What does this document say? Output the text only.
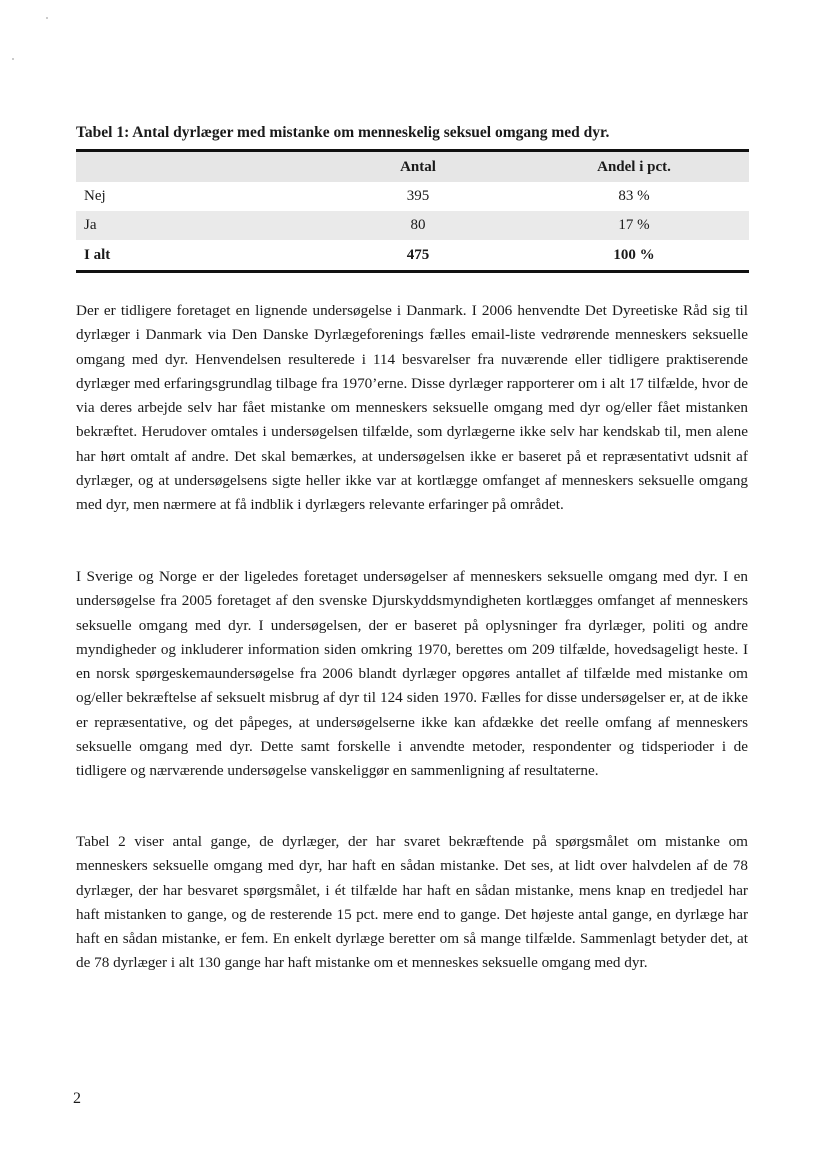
Tabel 1: Antal dyrlæger med mistanke om menneskelig seksuel omgang med dyr.
	Antal	Andel i pct.
Nej	395	83 %
Ja	80	17 %
I alt	475	100 %

Der er tidligere foretaget en lignende undersøgelse i Danmark. I 2006 henvendte Det Dyreetiske Råd sig til dyrlæger i Danmark via Den Danske Dyrlægeforenings fælles email-liste vedrørende menneskers seksuelle omgang med dyr. Henvendelsen resulterede i 114 besvarelser fra nuværende eller tidligere praktiserende dyrlæger med erfaringsgrundlag tilbage fra 1970’erne. Disse dyrlæger rapporterer om i alt 17 tilfælde, hvor de via deres arbejde selv har fået mistanke om menneskers seksuelle omgang med dyr og/eller fået mistanken bekræftet. Herudover omtales i undersøgelsen tilfælde, som dyrlægerne ikke selv har kendskab til, men alene har hørt omtalt af andre. Det skal bemærkes, at undersøgelsen ikke er baseret på et repræsentativt udsnit af dyrlæger, og at undersøgelsens sigte heller ikke var at kortlægge omfanget af menneskers seksuelle omgang med dyr, men nærmere at få indblik i dyrlægers relevante erfaringer på området.

I Sverige og Norge er der ligeledes foretaget undersøgelser af menneskers seksuelle omgang med dyr. I en undersøgelse fra 2005 foretaget af den svenske Djurskyddsmyndigheten kortlægges omfanget af menneskers seksuelle omgang med dyr. I undersøgelsen, der er baseret på oplysninger fra dyrlæger, politi og andre myndigheder og inkluderer information siden omkring 1970, berettes om 209 tilfælde, hovedsageligt heste. I en norsk spørgeskemaundersøgelse fra 2006 blandt dyrlæger opgøres antallet af tilfælde med mistanke om og/eller bekræftelse af seksuelt misbrug af dyr til 124 siden 1970. Fælles for disse undersøgelser er, at de ikke er repræsentative, og det påpeges, at undersøgelserne ikke kan afdække det reelle omfang af menneskers seksuelle omgang med dyr. Dette samt forskelle i anvendte metoder, respondenter og tidsperioder i de tidligere og nærværende undersøgelse vanskeliggør en sammenligning af resultaterne.

Tabel 2 viser antal gange, de dyrlæger, der har svaret bekræftende på spørgsmålet om mistanke om menneskers seksuelle omgang med dyr, har haft en sådan mistanke. Det ses, at lidt over halvdelen af de 78 dyrlæger, der har besvaret spørgsmålet, i ét tilfælde har haft en sådan mistanke, mens knap en tredjedel har haft mistanken to gange, og de resterende 15 pct. mere end to gange. Det højeste antal gange, en dyrlæge har haft en sådan mistanke, er fem. En enkelt dyrlæge beretter om så mange tilfælde. Sammenlagt betyder det, at de 78 dyrlæger i alt 130 gange har haft mistanke om et menneskes seksuelle omgang med dyr.

2
